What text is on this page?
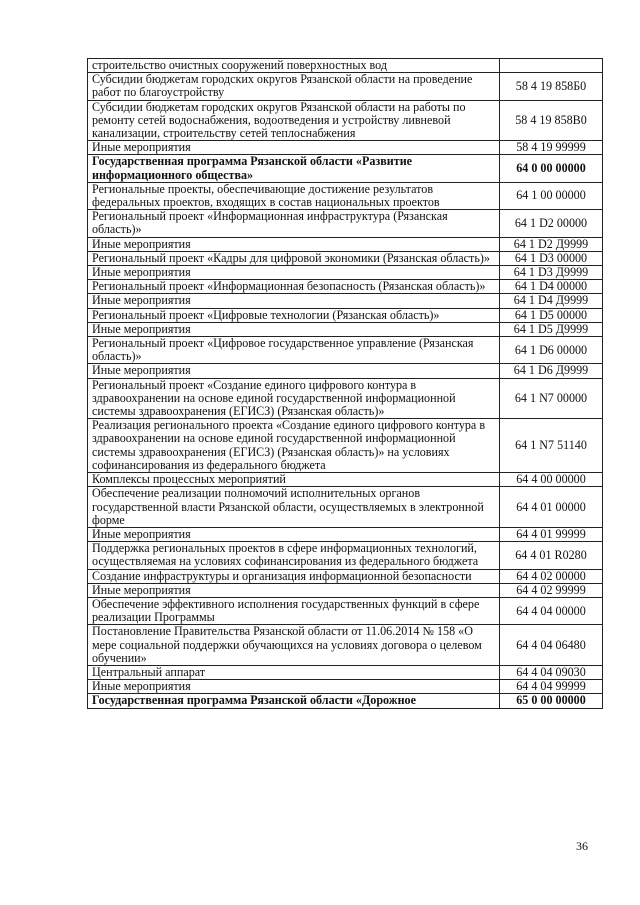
строительство очистных сооружений поверхностных вод	
Субсидии бюджетам городских округов Рязанской области на проведение работ по благоустройству	58 4 19 858Б0
Субсидии бюджетам городских округов Рязанской области на работы по ремонту сетей водоснабжения, водоотведения и устройству ливневой канализации, строительству сетей теплоснабжения	58 4 19 858В0
Иные мероприятия	58 4 19 99999
Государственная программа Рязанской области «Развитие информационного общества»	64 0 00 00000
Региональные проекты, обеспечивающие достижение результатов федеральных проектов, входящих в состав национальных проектов	64 1 00 00000
Региональный проект «Информационная инфраструктура (Рязанская область)»	64 1 D2 00000
Иные мероприятия	64 1 D2 Д9999
Региональный проект «Кадры для цифровой экономики (Рязанская область)»	64 1 D3 00000
Иные мероприятия	64 1 D3 Д9999
Региональный проект «Информационная безопасность (Рязанская область)»	64 1 D4 00000
Иные мероприятия	64 1 D4 Д9999
Региональный проект «Цифровые технологии (Рязанская область)»	64 1 D5 00000
Иные мероприятия	64 1 D5 Д9999
Региональный проект «Цифровое государственное управление (Рязанская область)»	64 1 D6 00000
Иные мероприятия	64 1 D6 Д9999
Региональный проект «Создание единого цифрового контура в здравоохранении на основе единой государственной информационной системы здравоохранения (ЕГИСЗ) (Рязанская область)»	64 1 N7 00000
Реализация регионального проекта «Создание единого цифрового контура в здравоохранении на основе единой государственной информационной системы здравоохранения (ЕГИСЗ) (Рязанская область)» на условиях софинансирования из федерального бюджета	64 1 N7 51140
Комплексы процессных мероприятий	64 4 00 00000
Обеспечение реализации полномочий исполнительных органов государственной власти Рязанской области, осуществляемых в электронной форме	64 4 01 00000
Иные мероприятия	64 4 01 99999
Поддержка региональных проектов в сфере информационных технологий, осуществляемая на условиях софинансирования из федерального бюджета	64 4 01 R0280
Создание инфраструктуры и организация информационной безопасности	64 4 02 00000
Иные мероприятия	64 4 02 99999
Обеспечение эффективного исполнения государственных функций в сфере реализации Программы	64 4 04 00000
Постановление Правительства Рязанской области от 11.06.2014 № 158 «О мере социальной поддержки обучающихся на условиях договора о целевом обучении»	64 4 04 06480
Центральный аппарат	64 4 04 09030
Иные мероприятия	64 4 04 99999
Государственная программа Рязанской области «Дорожное	65 0 00 00000
36
